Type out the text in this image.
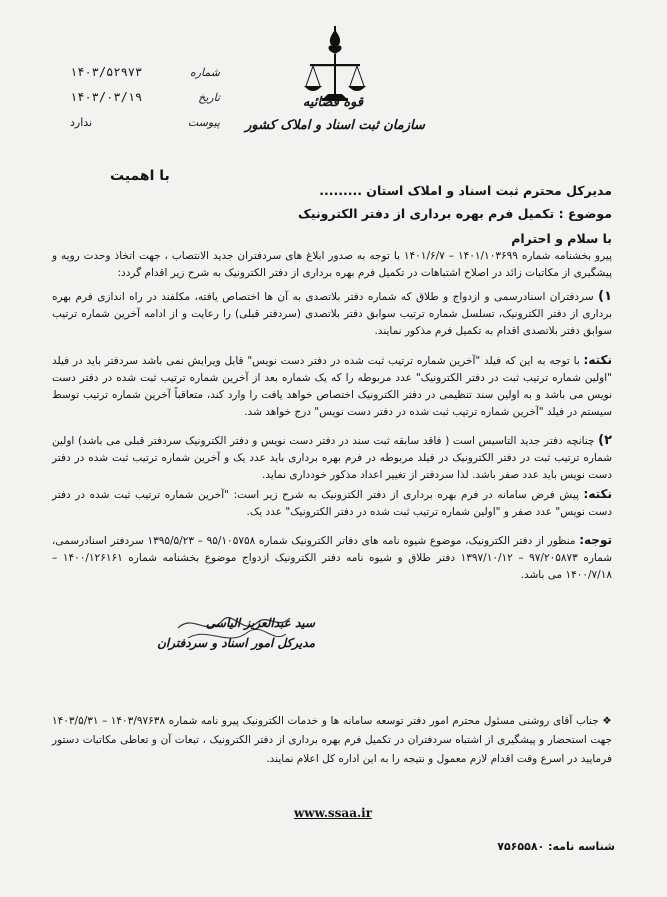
شماره
۱۴۰۳/۵۲۹۷۳
تاریخ
۱۴۰۳/۰۳/۱۹
پیوست
ندارد
قوه قضائیه
سازمان ثبت اسناد و املاک کشور
با اهمیت
مدیرکل محترم ثبت اسناد و املاک استان .........
موضوع : تکمیل فرم بهره برداری از دفتر الکترونیک
با سلام و احترام
پیرو بخشنامه شماره ۱۴۰۱/۱۰۳۶۹۹ – ۱۴۰۱/۶/۷ با توجه به صدور ابلاغ های سردفتران جدید الانتصاب ، جهت اتخاذ وحدت رویه و پیشگیری از مکاتبات زائد در اصلاح اشتباهات در تکمیل فرم بهره برداری از دفتر الکترونیک به شرح زیر اقدام گردد:
۱) سردفتران اسنادرسمی و ازدواج و طلاق که شماره دفتر بلاتصدی به آن ها اختصاص یافته، مکلفند در راه اندازی فرم بهره برداری از دفتر الکترونیک، تسلسل شماره ترتیب سوابق دفتر بلاتصدی (سردفتر قبلی) را رعایت و از ادامه آخرین شماره ترتیب سوابق دفتر بلاتصدی اقدام به تکمیل فرم مذکور نمایند.
نکته: با توجه به این که فیلد "آخرین شماره ترتیب ثبت شده در دفتر دست نویس" قابل ویرایش نمی باشد سردفتر باید در فیلد "اولین شماره ترتیب ثبت در دفتر الکترونیک" عدد مربوطه را که یک شماره بعد از آخرین شماره ترتیب ثبت شده در دفتر دست نویس می باشد و به اولین سند تنظیمی در دفتر الکترونیک اختصاص خواهد یافت را وارد کند، متعاقباً آخرین شماره ترتیب توسط سیستم در فیلد "آخرین شماره ترتیب ثبت شده در دفتر دست نویس" درج خواهد شد.
۲) چنانچه دفتر جدید التاسیس است ( فاقد سابقه ثبت سند در دفتر دست نویس و دفتر الکترونیک سردفتر قبلی می باشد) اولین شماره ترتیب ثبت در دفتر الکترونیک در فیلد مربوطه در فرم بهره برداری باید عدد یک و آخرین شماره ترتیب ثبت شده در دفتر دست نویس باید عدد صفر باشد. لذا سردفتر از تغییر اعداد مذکور خودداری نماید.
نکته: پیش فرض سامانه در فرم بهره برداری از دفتر الکترونیک به شرح زیر است: "آخرین شماره ترتیب ثبت شده در دفتر دست نویس" عدد صفر و "اولین شماره ترتیب ثبت شده در دفتر الکترونیک" عدد یک.
توجه: منظور از دفتر الکترونیک، موضوع شیوه نامه های دفاتر الکترونیک شماره ۹۵/۱۰۵۷۵۸ – ۱۳۹۵/۵/۲۳ سردفتر اسنادرسمی، شماره ۹۷/۲۰۵۸۷۳ – ۱۳۹۷/۱۰/۱۲ دفتر طلاق و شیوه نامه دفتر الکترونیک ازدواج موضوع بخشنامه شماره ۱۴۰۰/۱۲۶۱۶۱ – ۱۴۰۰/۷/۱۸ می باشد.
سید عبدالعزیز الیاسی
مدیرکل امور اسناد و سردفتران
❖ جناب آقای روشنی مسئول محترم امور دفتر توسعه سامانه ها و خدمات الکترونیک پیرو نامه شماره ۱۴۰۳/۹۷۶۳۸ – ۱۴۰۳/۵/۳۱ جهت استحضار و پیشگیری از اشتباه سردفتران در تکمیل فرم بهره برداری از دفتر الکترونیک ، تبعات آن و تعاطی مکاتبات دستور فرمایید در اسرع وقت اقدام لازم معمول و نتیجه را به این اداره کل اعلام نمایند.
www.ssaa.ir
شناسه نامه: ۷۵۶۵۵۸۰
